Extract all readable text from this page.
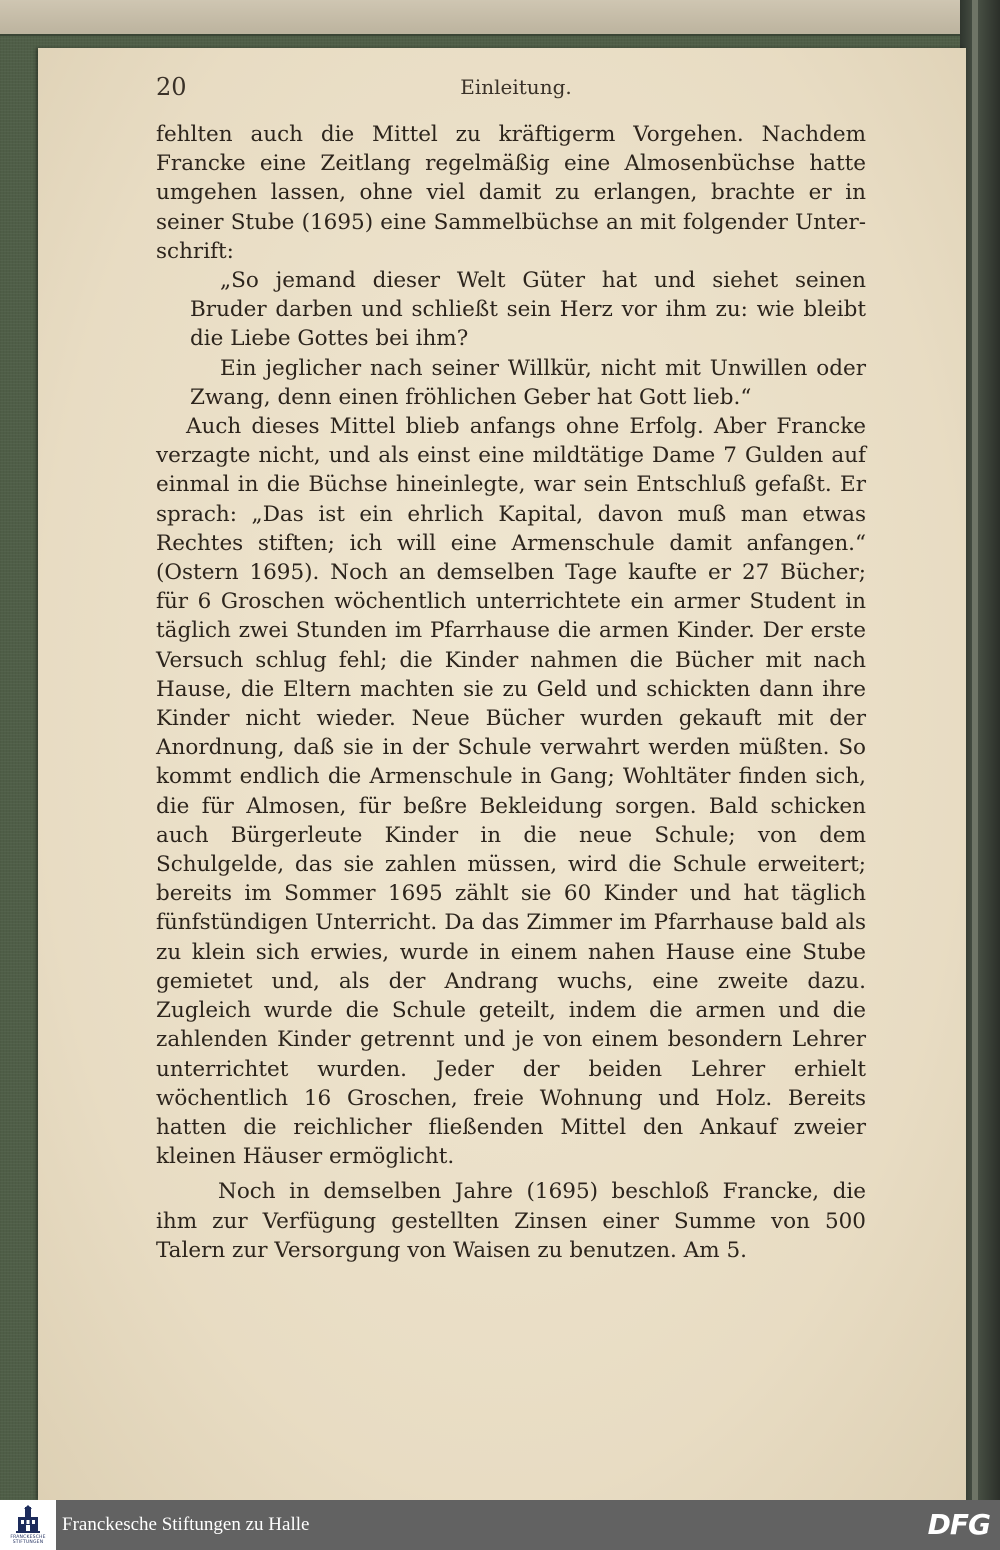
20	Einleitung.

fehlten auch die Mittel zu kräftigerm Vorgehen. Nachdem Francke eine Zeitlang regelmäßig eine Almosenbüchse hatte umgehen lassen, ohne viel damit zu erlangen, brachte er in seiner Stube (1695) eine Sammelbüchse an mit folgender Unterschrift:

„So jemand dieser Welt Güter hat und siehet seinen Bruder darben und schließt sein Herz vor ihm zu: wie bleibt die Liebe Gottes bei ihm?

Ein jeglicher nach seiner Willkür, nicht mit Unwillen oder Zwang, denn einen fröhlichen Geber hat Gott lieb.“

Auch dieses Mittel blieb anfangs ohne Erfolg. Aber Francke verzagte nicht, und als einst eine mildtätige Dame 7 Gulden auf einmal in die Büchse hineinlegte, war sein Entschluß gefaßt. Er sprach: „Das ist ein ehrlich Kapital, davon muß man etwas Rechtes stiften; ich will eine Armenschule damit anfangen.“ (Ostern 1695). Noch an demselben Tage kaufte er 27 Bücher; für 6 Groschen wöchentlich unterrichtete ein armer Student in täglich zwei Stunden im Pfarrhause die armen Kinder. Der erste Versuch schlug fehl; die Kinder nahmen die Bücher mit nach Hause, die Eltern machten sie zu Geld und schickten dann ihre Kinder nicht wieder. Neue Bücher wurden gekauft mit der Anordnung, daß sie in der Schule verwahrt werden müßten. So kommt endlich die Armenschule in Gang; Wohltäter finden sich, die für Almosen, für beßre Bekleidung sorgen. Bald schicken auch Bürgerleute Kinder in die neue Schule; von dem Schulgelde, das sie zahlen müssen, wird die Schule erweitert; bereits im Sommer 1695 zählt sie 60 Kinder und hat täglich fünfstündigen Unterricht. Da das Zimmer im Pfarrhause bald als zu klein sich erwies, wurde in einem nahen Hause eine Stube gemietet und, als der Andrang wuchs, eine zweite dazu. Zugleich wurde die Schule geteilt, indem die armen und die zahlenden Kinder getrennt und je von einem besondern Lehrer unterrichtet wurden. Jeder der beiden Lehrer erhielt wöchentlich 16 Groschen, freie Wohnung und Holz. Bereits hatten die reichlicher fließenden Mittel den Ankauf zweier kleinen Häuser ermöglicht.

Noch in demselben Jahre (1695) beschloß Francke, die ihm zur Verfügung gestellten Zinsen einer Summe von 500 Talern zur Versorgung von Waisen zu benutzen. Am 5.

FRANCKESCHE STIFTUNGEN
Franckesche Stiftungen zu Halle	DFG
